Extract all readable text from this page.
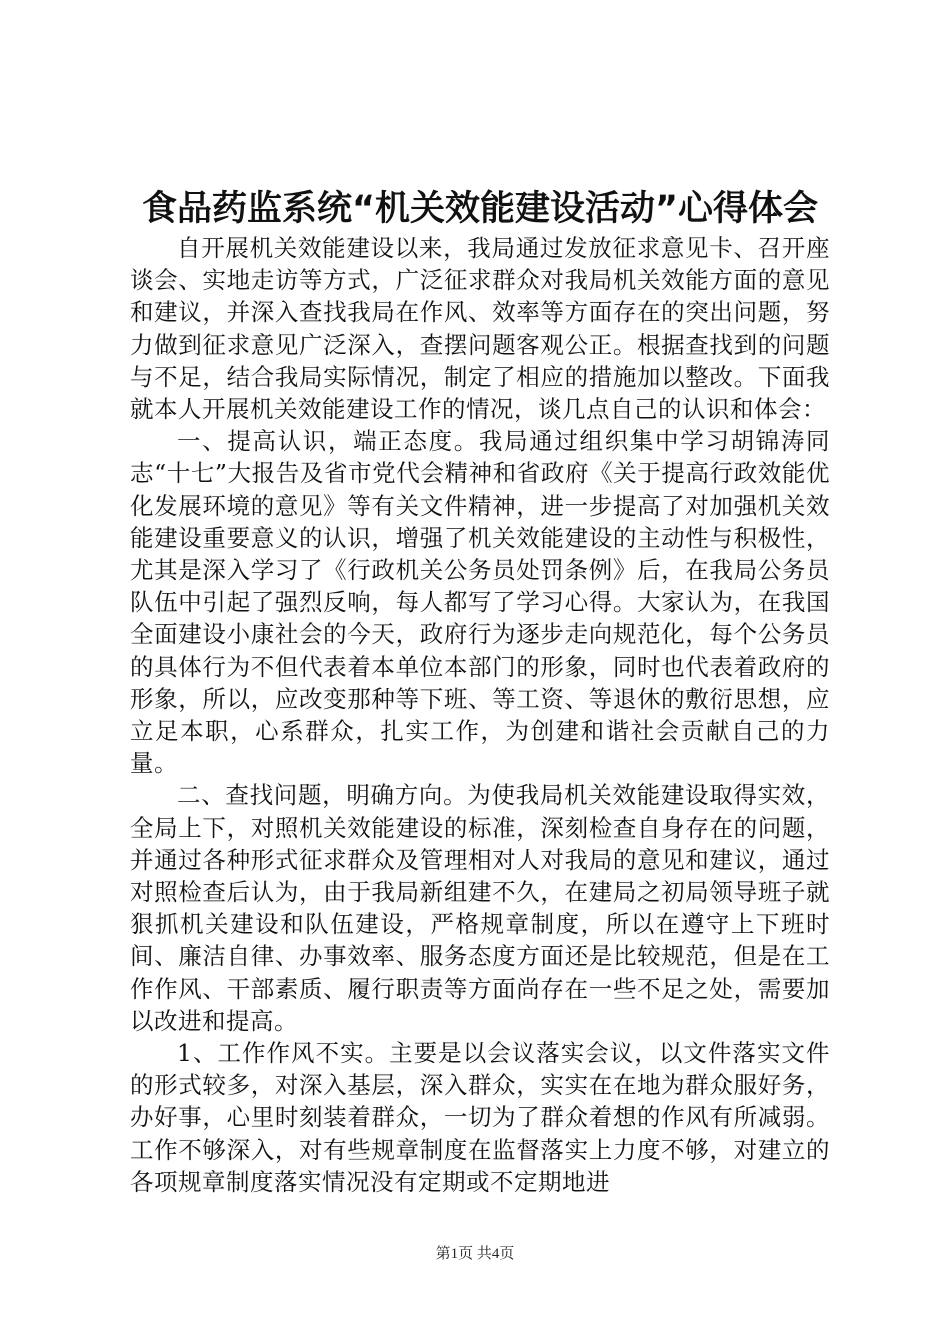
食品药监系统“机关效能建设活动”心得体会

自开展机关效能建设以来，我局通过发放征求意见卡、召开座谈会、实地走访等方式，广泛征求群众对我局机关效能方面的意见和建议，并深入查找我局在作风、效率等方面存在的突出问题，努力做到征求意见广泛深入，查摆问题客观公正。根据查找到的问题与不足，结合我局实际情况，制定了相应的措施加以整改。下面我就本人开展机关效能建设工作的情况，谈几点自己的认识和体会：

一、提高认识，端正态度。我局通过组织集中学习胡锦涛同志“十七”大报告及省市党代会精神和省政府《关于提高行政效能优化发展环境的意见》等有关文件精神，进一步提高了对加强机关效能建设重要意义的认识，增强了机关效能建设的主动性与积极性，尤其是深入学习了《行政机关公务员处罚条例》后，在我局公务员队伍中引起了强烈反响，每人都写了学习心得。大家认为，在我国全面建设小康社会的今天，政府行为逐步走向规范化，每个公务员的具体行为不但代表着本单位本部门的形象，同时也代表着政府的形象，所以，应改变那种等下班、等工资、等退休的敷衍思想，应立足本职，心系群众，扎实工作，为创建和谐社会贡献自己的力量。

二、查找问题，明确方向。为使我局机关效能建设取得实效，全局上下，对照机关效能建设的标准，深刻检查自身存在的问题，并通过各种形式征求群众及管理相对人对我局的意见和建议，通过对照检查后认为，由于我局新组建不久，在建局之初局领导班子就狠抓机关建设和队伍建设，严格规章制度，所以在遵守上下班时间、廉洁自律、办事效率、服务态度方面还是比较规范，但是在工作作风、干部素质、履行职责等方面尚存在一些不足之处，需要加以改进和提高。

1、工作作风不实。主要是以会议落实会议，以文件落实文件的形式较多，对深入基层，深入群众，实实在在地为群众服好务，办好事，心里时刻装着群众，一切为了群众着想的作风有所减弱。工作不够深入，对有些规章制度在监督落实上力度不够，对建立的各项规章制度落实情况没有定期或不定期地进

第1页 共4页
